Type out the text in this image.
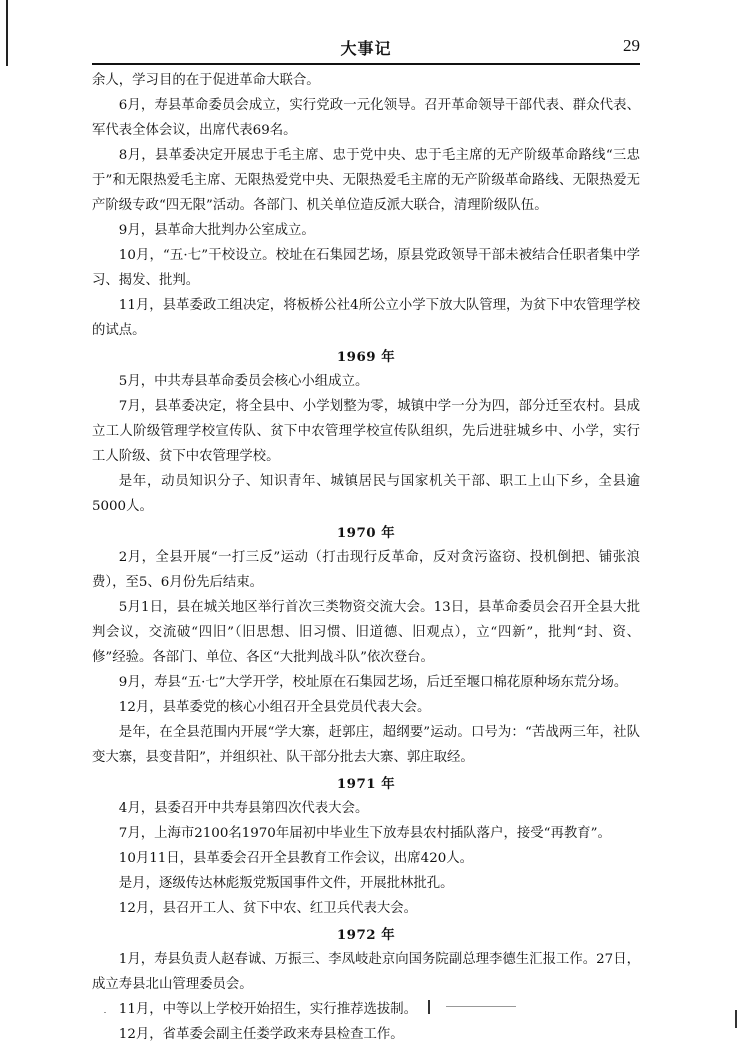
大事记	29

余人，学习目的在于促进革命大联合。

6月，寿县革命委员会成立，实行党政一元化领导。召开革命领导干部代表、群众代表、军代表全体会议，出席代表69名。

8月，县革委决定开展忠于毛主席、忠于党中央、忠于毛主席的无产阶级革命路线“三忠于”和无限热爱毛主席、无限热爱党中央、无限热爱毛主席的无产阶级革命路线、无限热爱无产阶级专政“四无限”活动。各部门、机关单位造反派大联合，清理阶级队伍。

9月，县革命大批判办公室成立。

10月，“五·七”干校设立。校址在石集园艺场，原县党政领导干部未被结合任职者集中学习、揭发、批判。

11月，县革委政工组决定，将板桥公社4所公立小学下放大队管理，为贫下中农管理学校的试点。

1969 年

5月，中共寿县革命委员会核心小组成立。

7月，县革委决定，将全县中、小学划整为零，城镇中学一分为四，部分迁至农村。县成立工人阶级管理学校宣传队、贫下中农管理学校宣传队组织，先后进驻城乡中、小学，实行工人阶级、贫下中农管理学校。

是年，动员知识分子、知识青年、城镇居民与国家机关干部、职工上山下乡，全县逾5000人。

1970 年

2月，全县开展“一打三反”运动（打击现行反革命，反对贪污盗窃、投机倒把、铺张浪费），至5、6月份先后结束。

5月1日，县在城关地区举行首次三类物资交流大会。13日，县革命委员会召开全县大批判会议，交流破“四旧”（旧思想、旧习惯、旧道德、旧观点），立“四新”，批判“封、资、修”经验。各部门、单位、各区“大批判战斗队”依次登台。

9月，寿县“五·七”大学开学，校址原在石集园艺场，后迁至堰口棉花原种场东荒分场。

12月，县革委党的核心小组召开全县党员代表大会。

是年，在全县范围内开展“学大寨，赶郭庄，超纲要”运动。口号为：“苦战两三年，社队变大寨，县变昔阳”，并组织社、队干部分批去大寨、郭庄取经。

1971 年

4月，县委召开中共寿县第四次代表大会。

7月，上海市2100名1970年届初中毕业生下放寿县农村插队落户，接受“再教育”。

10月11日，县革委会召开全县教育工作会议，出席420人。

是月，逐级传达林彪叛党叛国事件文件，开展批林批孔。

12月，县召开工人、贫下中农、红卫兵代表大会。

1972 年

1月，寿县负责人赵春诚、万振三、李凤岐赴京向国务院副总理李德生汇报工作。27日，成立寿县北山管理委员会。

11月，中等以上学校开始招生，实行推荐选拔制。

12月，省革委会副主任娄学政来寿县检查工作。
